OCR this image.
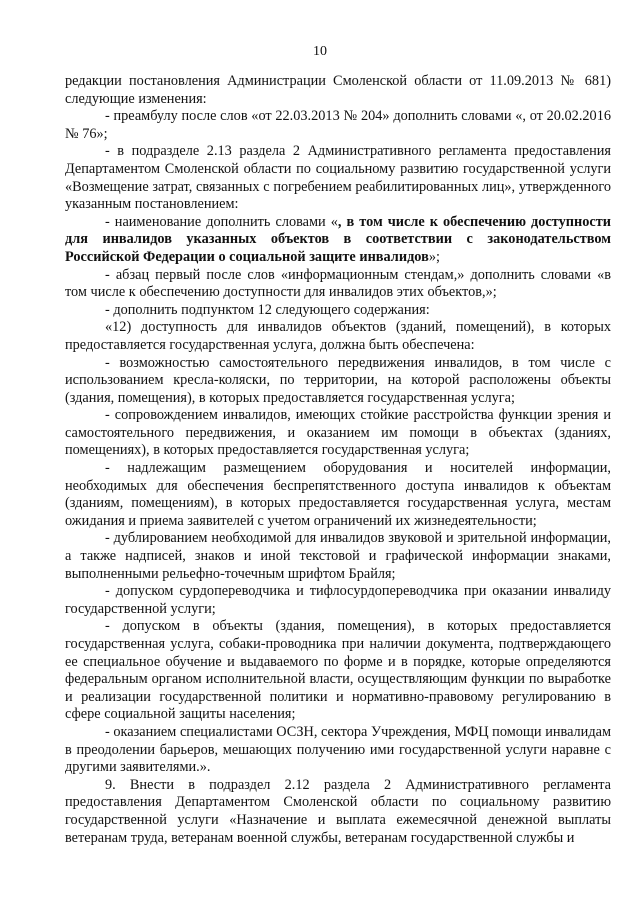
10

редакции постановления Администрации Смоленской области от 11.09.2013 № 681) следующие изменения:

- преамбулу после слов «от 22.03.2013 № 204» дополнить словами «, от 20.02.2016 № 76»;

- в подразделе 2.13 раздела 2 Административного регламента предоставления Департаментом Смоленской области по социальному развитию государственной услуги «Возмещение затрат, связанных с погребением реабилитированных лиц», утвержденного указанным постановлением:

- наименование дополнить словами «, в том числе к обеспечению доступности для инвалидов указанных объектов в соответствии с законодательством Российской Федерации о социальной защите инвалидов»;

- абзац первый после слов «информационным стендам,» дополнить словами «в том числе к обеспечению доступности для инвалидов этих объектов,»;

- дополнить подпунктом 12 следующего содержания:

«12) доступность для инвалидов объектов (зданий, помещений), в которых предоставляется государственная услуга, должна быть обеспечена:

- возможностью самостоятельного передвижения инвалидов, в том числе с использованием кресла-коляски, по территории, на которой расположены объекты (здания, помещения), в которых предоставляется государственная услуга;

- сопровождением инвалидов, имеющих стойкие расстройства функции зрения и самостоятельного передвижения, и оказанием им помощи в объектах (зданиях, помещениях), в которых предоставляется государственная услуга;

- надлежащим размещением оборудования и носителей информации, необходимых для обеспечения беспрепятственного доступа инвалидов к объектам (зданиям, помещениям), в которых предоставляется государственная услуга, местам ожидания и приема заявителей с учетом ограничений их жизнедеятельности;

- дублированием необходимой для инвалидов звуковой и зрительной информации, а также надписей, знаков и иной текстовой и графической информации знаками, выполненными рельефно-точечным шрифтом Брайля;

- допуском сурдопереводчика и тифлосурдопереводчика при оказании инвалиду государственной услуги;

- допуском в объекты (здания, помещения), в которых предоставляется государственная услуга, собаки-проводника при наличии документа, подтверждающего ее специальное обучение и выдаваемого по форме и в порядке, которые определяются федеральным органом исполнительной власти, осуществляющим функции по выработке и реализации государственной политики и нормативно-правовому регулированию в сфере социальной защиты населения;

- оказанием специалистами ОСЗН, сектора Учреждения, МФЦ помощи инвалидам в преодолении барьеров, мешающих получению ими государственной услуги наравне с другими заявителями.».

9. Внести в подраздел 2.12 раздела 2 Административного регламента предоставления Департаментом Смоленской области по социальному развитию государственной услуги «Назначение и выплата ежемесячной денежной выплаты ветеранам труда, ветеранам военной службы, ветеранам государственной службы и
